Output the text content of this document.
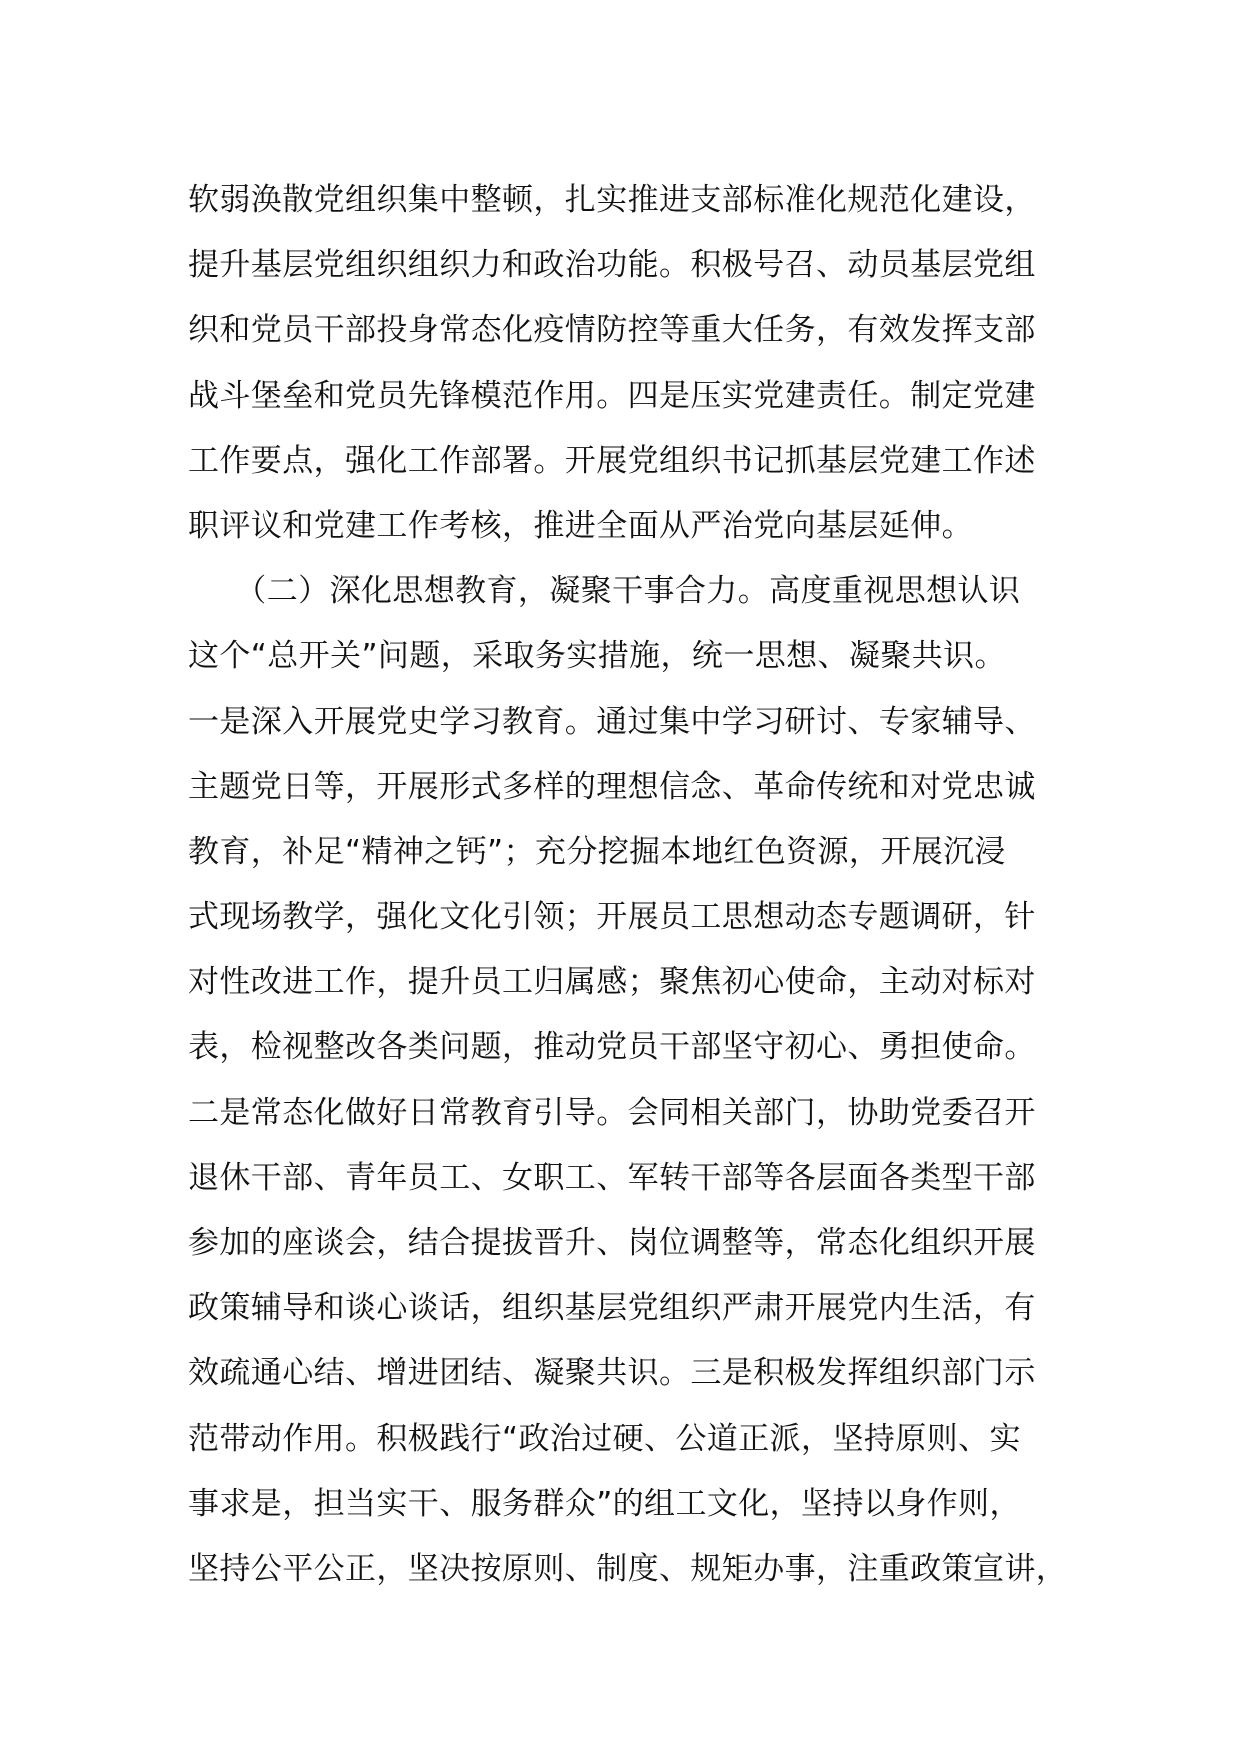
软弱涣散党组织集中整顿，扎实推进支部标准化规范化建设，
提升基层党组织组织力和政治功能。积极号召、动员基层党组
织和党员干部投身常态化疫情防控等重大任务，有效发挥支部
战斗堡垒和党员先锋模范作用。四是压实党建责任。制定党建
工作要点，强化工作部署。开展党组织书记抓基层党建工作述
职评议和党建工作考核，推进全面从严治党向基层延伸。
　　（二）深化思想教育，凝聚干事合力。高度重视思想认识
这个“总开关”问题，采取务实措施，统一思想、凝聚共识。
一是深入开展党史学习教育。通过集中学习研讨、专家辅导、
主题党日等，开展形式多样的理想信念、革命传统和对党忠诚
教育，补足“精神之钙”；充分挖掘本地红色资源，开展沉浸
式现场教学，强化文化引领；开展员工思想动态专题调研，针
对性改进工作，提升员工归属感；聚焦初心使命，主动对标对
表，检视整改各类问题，推动党员干部坚守初心、勇担使命。
二是常态化做好日常教育引导。会同相关部门，协助党委召开
退休干部、青年员工、女职工、军转干部等各层面各类型干部
参加的座谈会，结合提拔晋升、岗位调整等，常态化组织开展
政策辅导和谈心谈话，组织基层党组织严肃开展党内生活，有
效疏通心结、增进团结、凝聚共识。三是积极发挥组织部门示
范带动作用。积极践行“政治过硬、公道正派，坚持原则、实
事求是，担当实干、服务群众”的组工文化，坚持以身作则，
坚持公平公正，坚决按原则、制度、规矩办事，注重政策宣讲，
